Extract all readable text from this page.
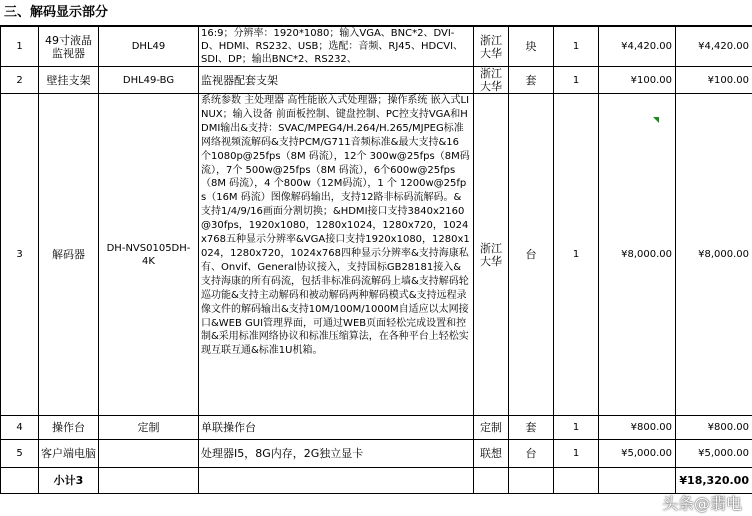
三、解码显示部分
1	49寸液晶监视器	DHL49	16:9；分辨率：1920*1080；输入VGA、BNC*2、DVI-D、HDMI、RS232、USB；选配：音频、RJ45、HDCVI、SDI、DP；输出BNC*2、RS232、	浙江大华	块	1	¥4,420.00	¥4,420.00
2	壁挂支架	DHL49-BG	监视器配套支架	浙江大华	套	1	¥100.00	¥100.00
3	解码器	DH-NVS0105DH-4K	系统参数 主处理器 高性能嵌入式处理器；操作系统 嵌入式LINUX；输入设备 前面板控制、键盘控制、PC控支持VGA和HDMI输出&支持：SVAC/MPEG4/H.264/H.265/MJPEG标准网络视频流解码&支持PCM/G711音频标准&最大支持&16 个1080p@25fps（8M 码流），12个 300w@25fps（8M码流），7个 500w@25fps（8M 码流），6个600w@25fps（8M 码流），4 个800w（12M码流），1 个 1200w@25fps（16M 码流）图像解码输出，支持12路非标码流解码。&支持1/4/9/16画面分割切换；&HDMI接口支持3840x2160@30fps，1920x1080，1280x1024，1280x720，1024x768五种显示分辨率&VGA接口支持1920x1080，1280x1024，1280x720，1024x768四种显示分辨率&支持海康私有、Onvif、General协议接入，支持国标GB28181接入&支持海康的所有码流，包括非标准码流解码上墙&支持解码轮巡功能&支持主动解码和被动解码两种解码模式&支持远程录像文件的解码输出&支持10M/100M/1000M自适应以太网接口&WEB GUI管理界面，可通过WEB页面轻松完成设置和控制&采用标准网络协议和标准压缩算法，在各种平台上轻松实现互联互通&标准1U机箱。	浙江大华	台	1	¥8,000.00	¥8,000.00
4	操作台	定制	单联操作台	定制	套	1	¥800.00	¥800.00
5	客户端电脑		处理器I5，8G内存，2G独立显卡	联想	台	1	¥5,000.00	¥5,000.00
	小计3							¥18,320.00
头条@翡电
